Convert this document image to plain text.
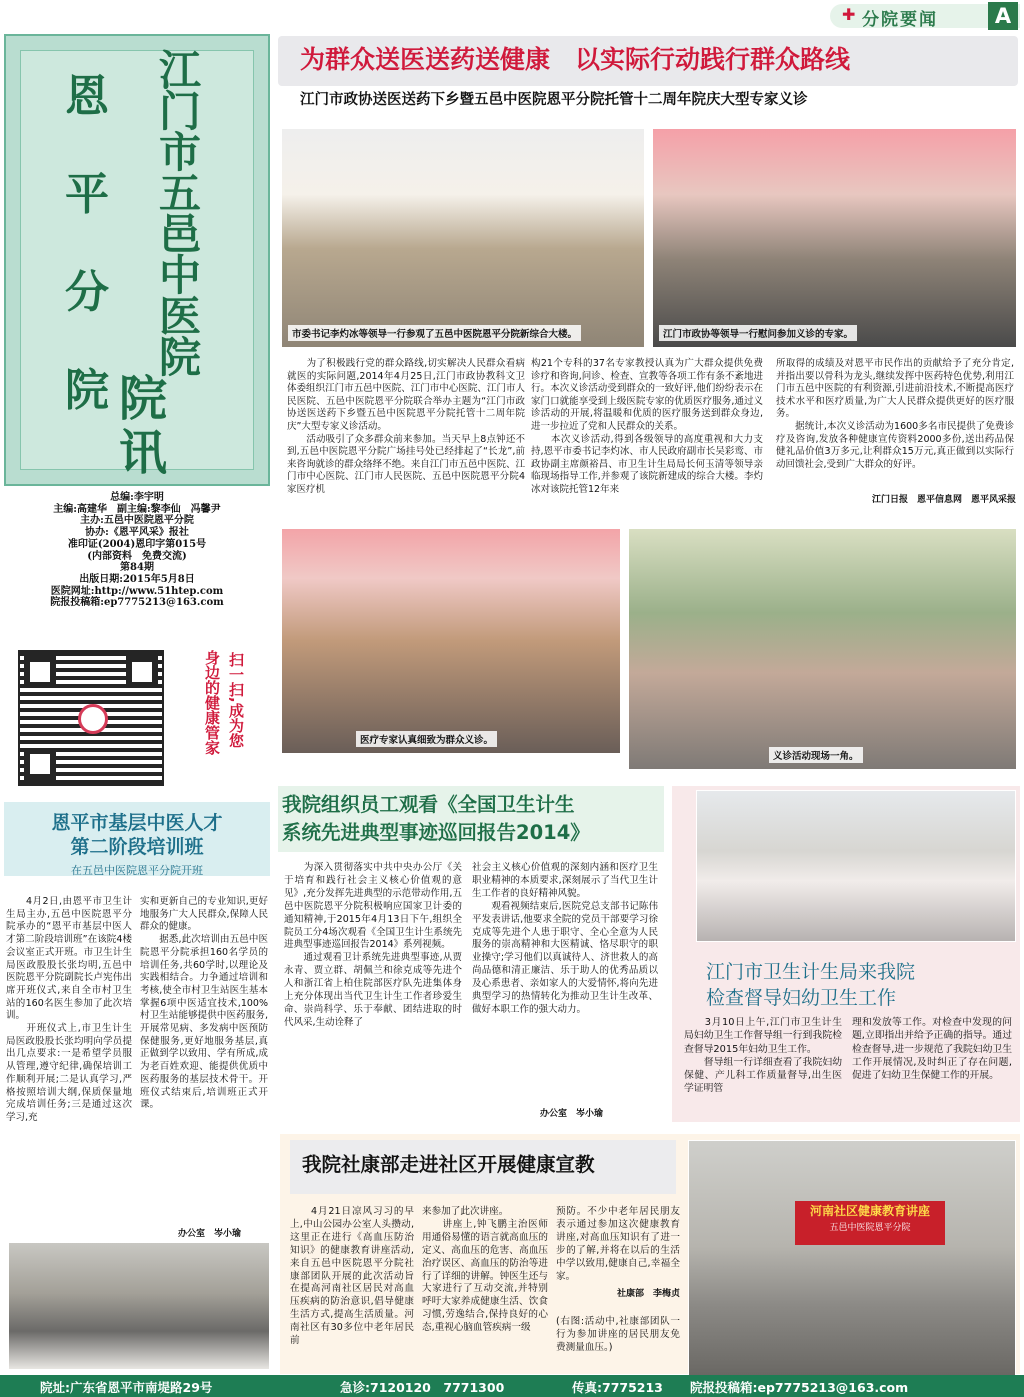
✚ 分院要闻	A
恩
平
分
院
江
门
市
五
邑
中
医
院
院讯
总编:李宇明
主编:高建华　副主编:黎李仙　冯馨尹
主办:五邑中医院恩平分院
协办:《恩平风采》报社
准印证(2004)恩印字第015号
(内部资料　免费交流)
第84期
出版日期:2015年5月8日
医院网址:http://www.51htep.com
院报投稿箱:ep7775213@163.com
扫一扫,成为您
身边的健康管家
为群众送医送药送健康　以实际行动践行群众路线
江门市政协送医送药下乡暨五邑中医院恩平分院托管十二周年院庆大型专家义诊
市委书记李灼冰等领导一行参观了五邑中医院恩平分院新综合大楼。	江门市政协等领导一行慰问参加义诊的专家。
　　为了积极践行党的群众路线,切实解决人民群众看病就医的实际问题,2014年4月25日,江门市政协教科文卫体委组织江门市五邑中医院、江门市中心医院、江门市人民医院、五邑中医院恩平分院联合举办主题为“江门市政协送医送药下乡暨五邑中医院恩平分院托管十二周年院庆”大型专家义诊活动。
　　活动吸引了众多群众前来参加。当天早上8点钟还不到,五邑中医院恩平分院广场挂号处已经排起了“长龙”,前来咨询就诊的群众络绎不绝。来自江门市五邑中医院、江门市中心医院、江门市人民医院、五邑中医院恩平分院4家医疗机
构21个专科的37名专家教授认真为广大群众提供免费诊疗和咨询,问诊、检查、宣教等各项工作有条不紊地进行。本次义诊活动受到群众的一致好评,他们纷纷表示在家门口就能享受到上级医院专家的优质医疗服务,通过义诊活动的开展,将温暖和优质的医疗服务送到群众身边,进一步拉近了党和人民群众的关系。
　　本次义诊活动,得到各级领导的高度重视和大力支持,恩平市委书记李灼冰、市人民政府副市长吴彩鸾、市政协副主席颜裕昌、市卫生计生局局长何玉清等领导亲临现场指导工作,并参观了该院新建成的综合大楼。李灼冰对该院托管12年来
所取得的成绩及对恩平市民作出的贡献给予了充分肯定,并指出要以骨科为龙头,继续发挥中医药特色优势,利用江门市五邑中医院的有利资源,引进前沿技术,不断提高医疗技术水平和医疗质量,为广大人民群众提供更好的医疗服务。
　　据统计,本次义诊活动为1600多名市民提供了免费诊疗及咨询,发放各种健康宣传资料2000多份,送出药品保健礼品价值3万多元,让利群众15万元,真正做到以实际行动回馈社会,受到广大群众的好评。
江门日报　恩平信息网　恩平风采报
医疗专家认真细致为群众义诊。
义诊活动现场一角。
恩平市基层中医人才
第二阶段培训班
在五邑中医院恩平分院开班
　　4月2日,由恩平市卫生计生局主办,五邑中医院恩平分院承办的“恩平市基层中医人才第二阶段培训班”在该院4楼会议室正式开班。市卫生计生局医政股股长张均明,五邑中医院恩平分院副院长卢宪伟出席开班仪式,来自全市村卫生站的160名医生参加了此次培训。
　　开班仪式上,市卫生计生局医政股股长张均明向学员提出几点要求:一是希望学员服从管理,遵守纪律,确保培训工作顺利开展;二是认真学习,严格按照培训大纲,保质保量地完成培训任务;三是通过这次学习,充
实和更新自己的专业知识,更好地服务广大人民群众,保障人民群众的健康。
　　据悉,此次培训由五邑中医院恩平分院承担160名学员的培训任务,共60学时,以理论及实践相结合。力争通过培训和考核,使全市村卫生站医生基本掌握6项中医适宜技术,100%村卫生站能够提供中医药服务,开展常见病、多发病中医预防保健服务,更好地服务基层,真正做到学以致用、学有所成,成为老百姓欢迎、能提供优质中医药服务的基层技术骨干。开班仪式结束后,培训班正式开课。
办公室　岑小瑜
我院组织员工观看《全国卫生计生
系统先进典型事迹巡回报告2014》
　　为深入贯彻落实中共中央办公厅《关于培育和践行社会主义核心价值观的意见》,充分发挥先进典型的示范带动作用,五邑中医院恩平分院积极响应国家卫计委的通知精神,于2015年4月13日下午,组织全院员工分4场次观看《全国卫生计生系统先进典型事迹巡回报告2014》系列视频。
　　通过观看卫计系统先进典型事迹,从贾永青、贾立群、胡佩兰和徐克成等先进个人和浙江省上柏住院部医疗队先进集体身上充分体现出当代卫生计生工作者珍爱生命、崇尚科学、乐于奉献、团结进取的时代风采,生动诠释了
社会主义核心价值观的深刻内涵和医疗卫生职业精神的本质要求,深刻展示了当代卫生计生工作者的良好精神风貌。
　　观看视频结束后,医院党总支部书记陈伟平发表讲话,他要求全院的党员干部要学习徐克成等先进个人患于职守、全心全意为人民服务的崇高精神和大医精诚、恪尽职守的职业操守;学习他们以真诚待人、济世救人的高尚品德和清正廉洁、乐于助人的优秀品质以及心系患者、亲如家人的大爱情怀,将向先进典型学习的热情转化为推动卫生计生改革、做好本职工作的强大动力。
办公室　岑小瑜
江门市卫生计生局来我院
检查督导妇幼卫生工作
　　3月10日上午,江门市卫生计生局妇幼卫生工作督导组一行到我院检查督导2015年妇幼卫生工作。
　　督导组一行详细查看了我院妇幼保健、产儿科工作质量督导,出生医学证明管
理和发放等工作。对检查中发现的问题,立即指出并给予正确的指导。通过检查督导,进一步规范了我院妇幼卫生工作开展情况,及时纠正了存在问题,促进了妇幼卫生保健工作的开展。
我院社康部走进社区开展健康宣教
　　4月21日凉风习习的早上,中山公园办公室人头攒动,这里正在进行《高血压防治知识》的健康教育讲座活动,来自五邑中医院恩平分院社康部团队开展的此次活动旨在提高河南社区居民对高血压疾病的防治意识,倡导健康生活方式,提高生活质量。河南社区有30多位中老年居民前
来参加了此次讲座。
　　讲座上,钟飞鹏主治医师用通俗易懂的语言就高血压的定义、高血压的危害、高血压治疗误区、高血压的防治等进行了详细的讲解。钟医生还与大家进行了互动交流,并特别呼吁大家养成健康生活、饮食习惯,劳逸结合,保持良好的心态,重视心脑血管疾病一级
预防。不少中老年居民朋友表示通过参加这次健康教育讲座,对高血压知识有了进一步的了解,并将在以后的生活中学以致用,健康自己,幸福全家。
社康部　李梅贞
(右图:活动中,社康部团队一行为参加讲座的居民朋友免费测量血压。)
河南社区健康教育讲座
五邑中医院恩平分院
院址:广东省恩平市南堤路29号	急诊:7120120　7771300	传真:7775213 院报投稿箱:ep7775213@163.com
